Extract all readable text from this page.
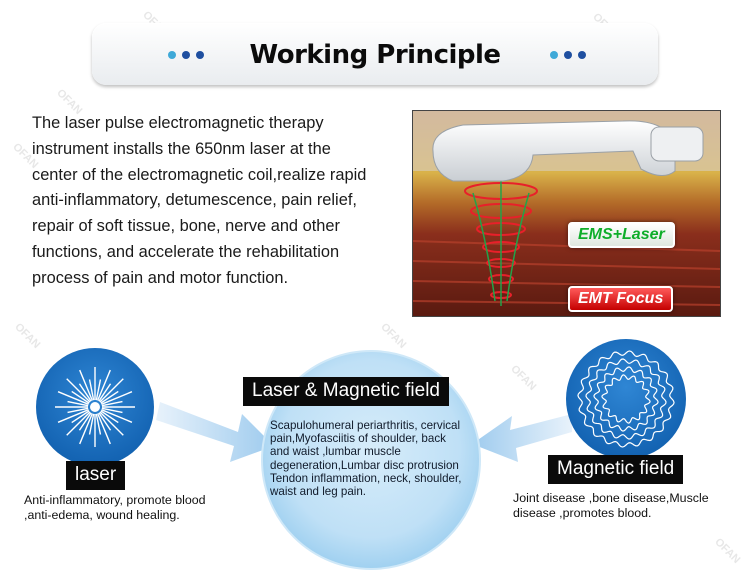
OFAN
OFAN
OFAN
OFAN
OFAN
OFAN
Working Principle
The laser pulse electromagnetic therapy instrument installs the 650nm laser at the center of the electromagnetic coil,realize rapid anti-inflammatory, detumescence, pain relief, repair of soft tissue, bone, nerve and other functions, and accelerate the rehabilitation process of pain and motor function.
EMS+Laser
EMT Focus
laser
Anti-inflammatory, promote blood ,anti-edema, wound healing.
Laser & Magnetic field
Scapulohumeral periarthritis, cervical pain,Myofasciitis of shoulder, back and waist ,lumbar muscle degeneration,Lumbar disc protrusion Tendon inflammation, neck, shoulder, waist and leg pain.
Magnetic field
Joint disease ,bone disease,Muscle disease ,promotes blood.
